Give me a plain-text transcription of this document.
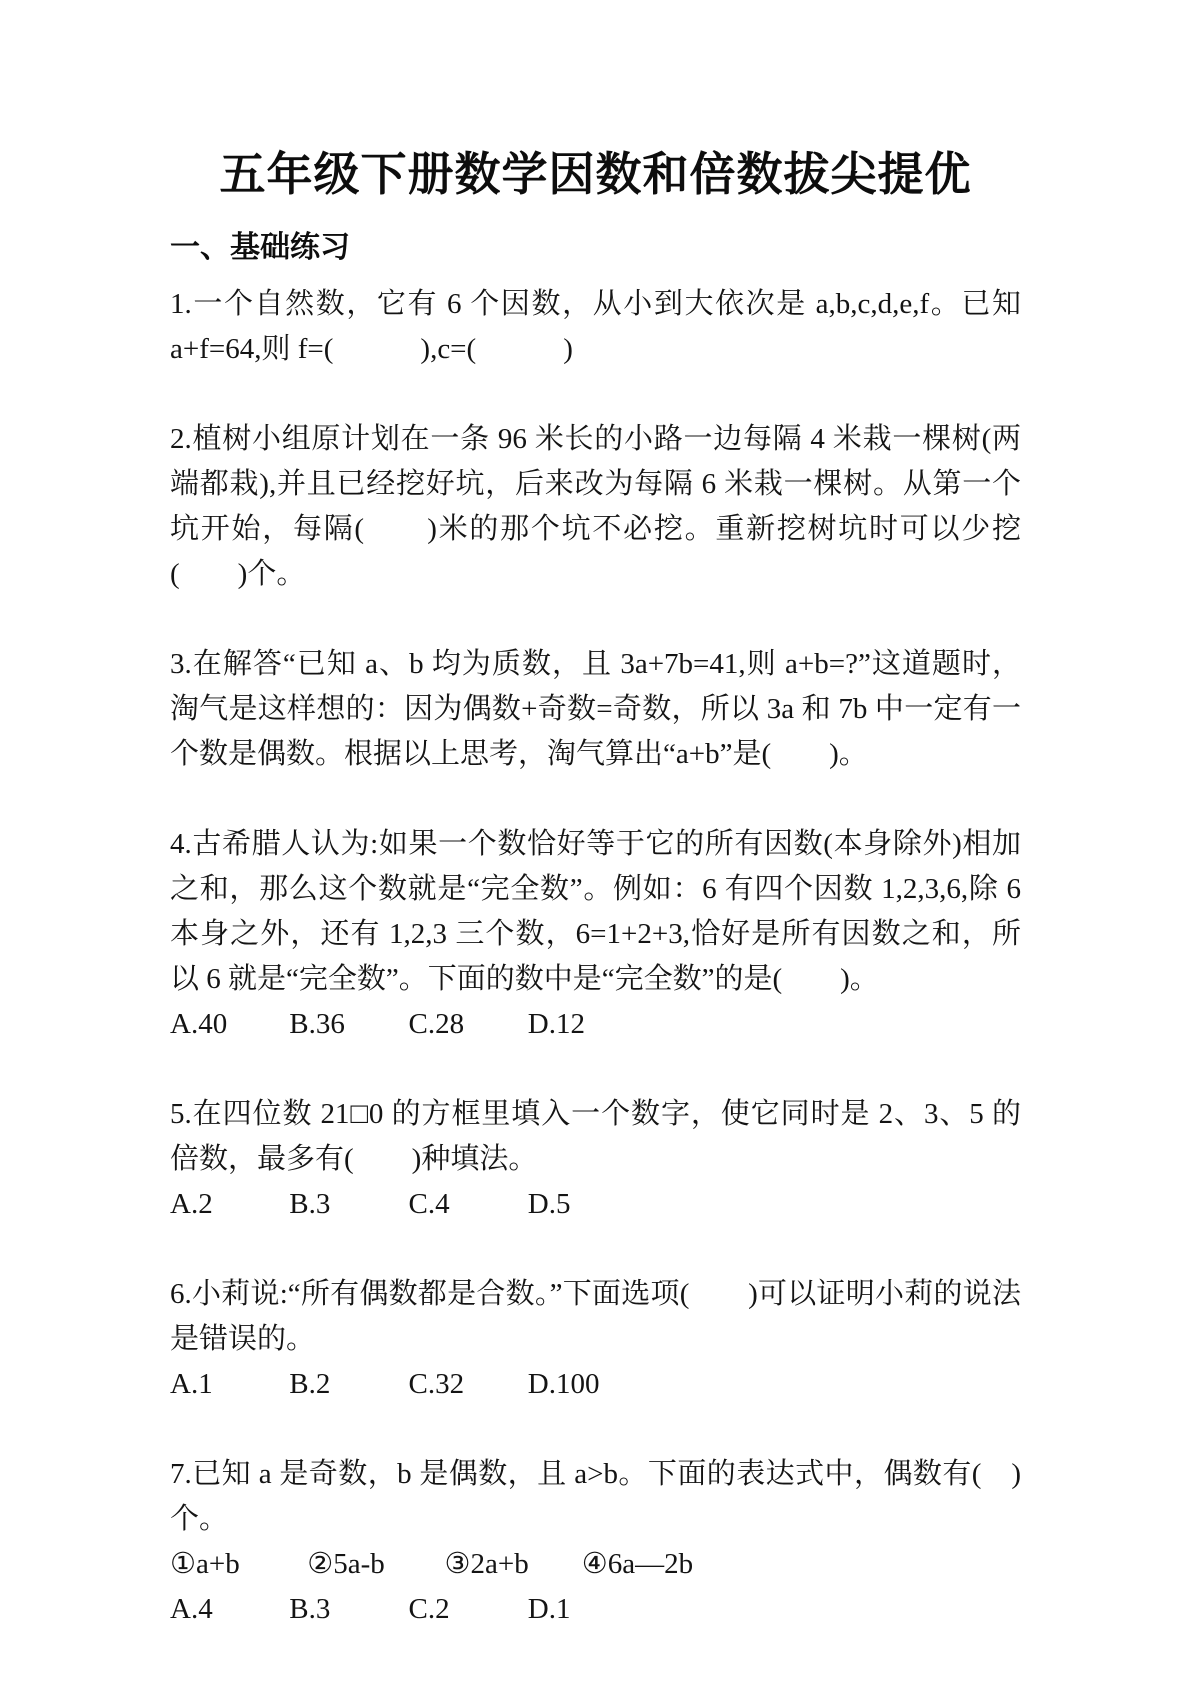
五年级下册数学因数和倍数拔尖提优
一、基础练习

1.一个自然数，它有 6 个因数，从小到大依次是 a,b,c,d,e,f。已知 a+f=64,则 f=(　　　),c=(　　　)

2.植树小组原计划在一条 96 米长的小路一边每隔 4 米栽一棵树(两端都栽),并且已经挖好坑，后来改为每隔 6 米栽一棵树。从第一个坑开始，每隔(　　)米的那个坑不必挖。重新挖树坑时可以少挖(　　)个。

3.在解答“已知 a、b 均为质数，且 3a+7b=41,则 a+b=?”这道题时，淘气是这样想的：因为偶数+奇数=奇数，所以 3a 和 7b 中一定有一个数是偶数。根据以上思考，淘气算出“a+b”是(　　)。

4.古希腊人认为:如果一个数恰好等于它的所有因数(本身除外)相加之和，那么这个数就是“完全数”。例如：6 有四个因数 1,2,3,6,除 6 本身之外，还有 1,2,3 三个数，6=1+2+3,恰好是所有因数之和，所以 6 就是“完全数”。下面的数中是“完全数”的是(　　)。

A.40 B.36 C.28 D.12

5.在四位数 21□0 的方框里填入一个数字，使它同时是 2、3、5 的倍数，最多有(　　)种填法。

A.2	B.3	C.4	D.5

6.小莉说:“所有偶数都是合数。”下面选项(　　)可以证明小莉的说法是错误的。

A.1	B.2	C.32 D.100

7.已知 a 是奇数，b 是偶数，且 a>b。下面的表达式中，偶数有(　)个。

①a+b ②5a-b ③2a+b ④6a—2b

A.4	B.3	C.2	D.1
